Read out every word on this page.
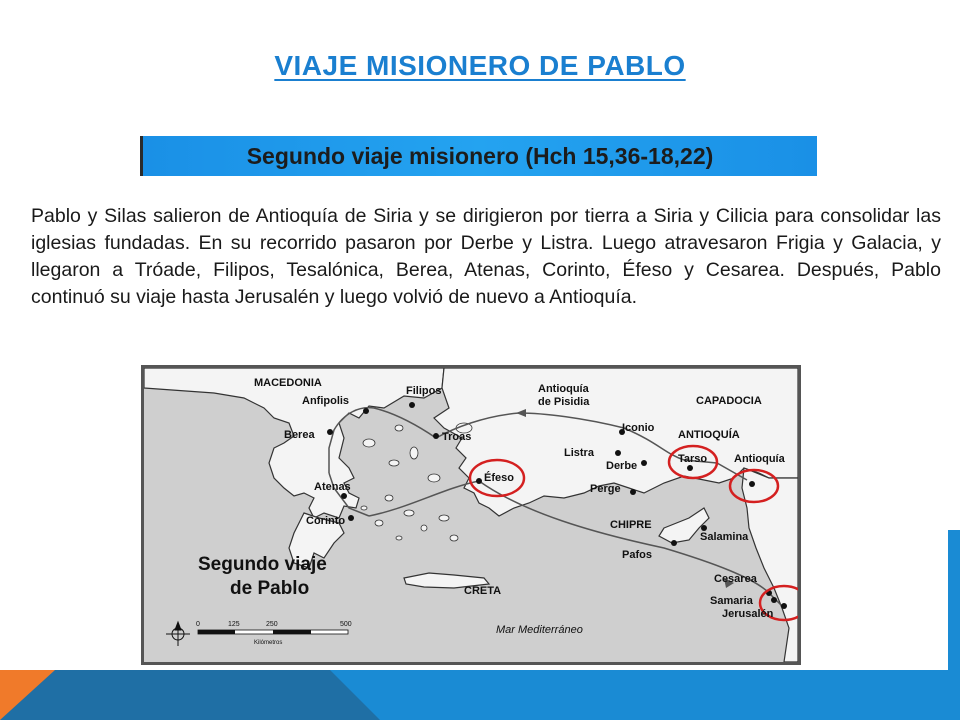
VIAJE MISIONERO DE PABLO
Segundo viaje misionero (Hch 15,36-18,22)
Pablo y Silas salieron de Antioquía de Siria y se dirigieron por tierra a Siria y Cilicia para consolidar las iglesias fundadas. En su recorrido pasaron por Derbe y Listra. Luego atravesaron Frigia y Galacia, y llegaron a Tróade, Filipos, Tesalónica, Berea, Atenas, Corinto, Éfeso y Cesarea. Después, Pablo continuó su viaje hasta Jerusalén y luego volvió de nuevo a Antioquía.
MACEDONIA
CAPADOCIA
ANTIOQUÍA
CHIPRE
CRETA
Mar Mediterráneo
Filipos
Anfipolis
Berea	Troas
Atenas
Corinto
Éfeso
Antioquía
de Pisidia
Iconio
Listra
Derbe
Tarso Antioquía
Perge
Salamina
Pafos
Cesarea
Samaria
Jerusalén
Segundo viaje
de Pablo
0	125	250	500
Kilómetros
